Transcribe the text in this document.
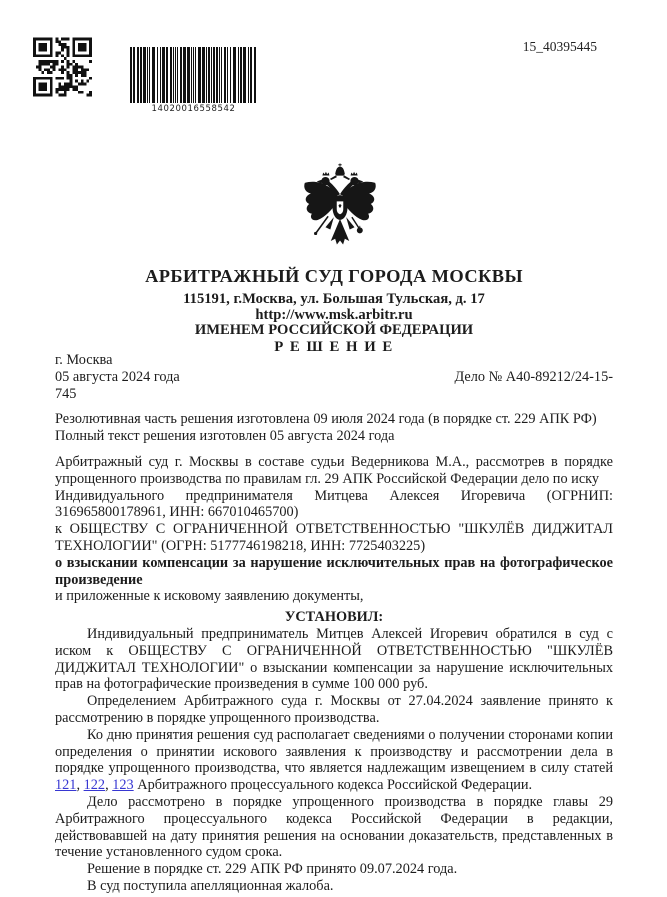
14020016558542
15_40395445
АРБИТРАЖНЫЙ СУД ГОРОДА МОСКВЫ
115191, г.Москва, ул. Большая Тульская, д. 17
http://www.msk.arbitr.ru
ИМЕНЕМ РОССИЙСКОЙ ФЕДЕРАЦИИ
Р Е Ш Е Н И Е
г. Москва
05 августа 2024 года	Дело № А40-89212/24-15-
745
Резолютивная часть решения изготовлена 09 июля 2024 года (в порядке ст. 229 АПК РФ)
Полный текст решения изготовлен 05 августа 2024 года

Арбитражный суд г. Москвы в составе судьи Ведерникова М.А., рассмотрев в порядке упрощенного производства по правилам гл. 29 АПК Российской Федерации дело по иску

Индивидуального предпринимателя Митцева Алексея Игоревича (ОГРНИП: 316965800178961, ИНН: 667010465700)

к ОБЩЕСТВУ С ОГРАНИЧЕННОЙ ОТВЕТСТВЕННОСТЬЮ "ШКУЛЁВ ДИДЖИТАЛ ТЕХНОЛОГИИ" (ОГРН: 5177746198218, ИНН: 7725403225)

о взыскании компенсации за нарушение исключительных прав на фотографическое произведение

и приложенные к исковому заявлению документы,

УСТАНОВИЛ:

Индивидуальный предприниматель Митцев Алексей Игоревич обратился в суд с иском к ОБЩЕСТВУ С ОГРАНИЧЕННОЙ ОТВЕТСТВЕННОСТЬЮ "ШКУЛЁВ ДИДЖИТАЛ ТЕХНОЛОГИИ" о взыскании компенсации за нарушение исключительных прав на фотографические произведения в сумме 100 000 руб.

Определением Арбитражного суда г. Москвы от 27.04.2024 заявление принято к рассмотрению в порядке упрощенного производства.

Ко дню принятия решения суд располагает сведениями о получении сторонами копии определения о принятии искового заявления к производству и рассмотрении дела в порядке упрощенного производства, что является надлежащим извещением в силу статей 121, 122, 123 Арбитражного процессуального кодекса Российской Федерации.

Дело рассмотрено в порядке упрощенного производства в порядке главы 29 Арбитражного процессуального кодекса Российской Федерации в редакции, действовавшей на дату принятия решения на основании доказательств, представленных в течение установленного судом срока.

Решение в порядке ст. 229 АПК РФ принято 09.07.2024 года.

В суд поступила апелляционная жалоба.
